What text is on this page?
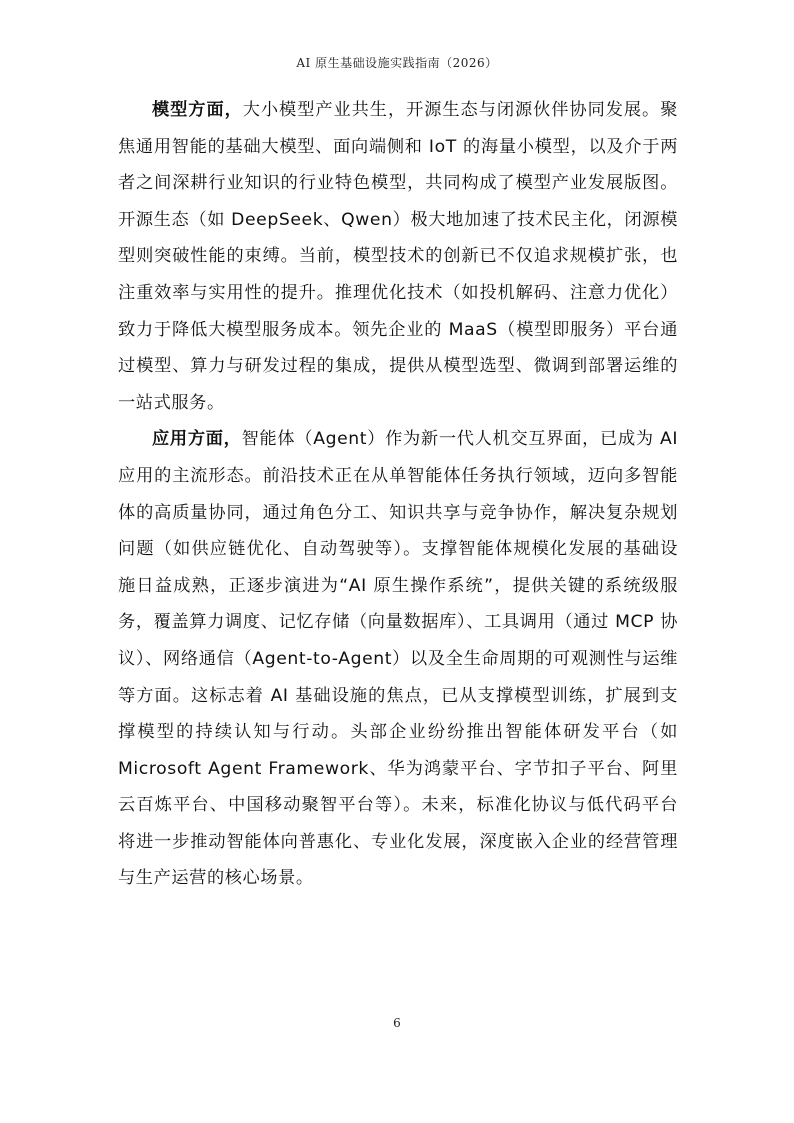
AI 原生基础设施实践指南（2026）

模型方面，大小模型产业共生，开源生态与闭源伙伴协同发展。聚焦通用智能的基础大模型、面向端侧和 IoT 的海量小模型，以及介于两者之间深耕行业知识的行业特色模型，共同构成了模型产业发展版图。开源生态（如 DeepSeek、Qwen）极大地加速了技术民主化，闭源模型则突破性能的束缚。当前，模型技术的创新已不仅追求规模扩张，也注重效率与实用性的提升。推理优化技术（如投机解码、注意力优化）致力于降低大模型服务成本。领先企业的 MaaS（模型即服务）平台通过模型、算力与研发过程的集成，提供从模型选型、微调到部署运维的一站式服务。

应用方面，智能体（Agent）作为新一代人机交互界面，已成为 AI 应用的主流形态。前沿技术正在从单智能体任务执行领域，迈向多智能体的高质量协同，通过角色分工、知识共享与竞争协作，解决复杂规划问题（如供应链优化、自动驾驶等）。支撑智能体规模化发展的基础设施日益成熟，正逐步演进为“AI 原生操作系统”，提供关键的系统级服务，覆盖算力调度、记忆存储（向量数据库）、工具调用（通过 MCP 协议）、网络通信（Agent-to-Agent）以及全生命周期的可观测性与运维等方面。这标志着 AI 基础设施的焦点，已从支撑模型训练，扩展到支撑模型的持续认知与行动。头部企业纷纷推出智能体研发平台（如 Microsoft Agent Framework、华为鸿蒙平台、字节扣子平台、阿里云百炼平台、中国移动聚智平台等）。未来，标准化协议与低代码平台将进一步推动智能体向普惠化、专业化发展，深度嵌入企业的经营管理与生产运营的核心场景。

6
